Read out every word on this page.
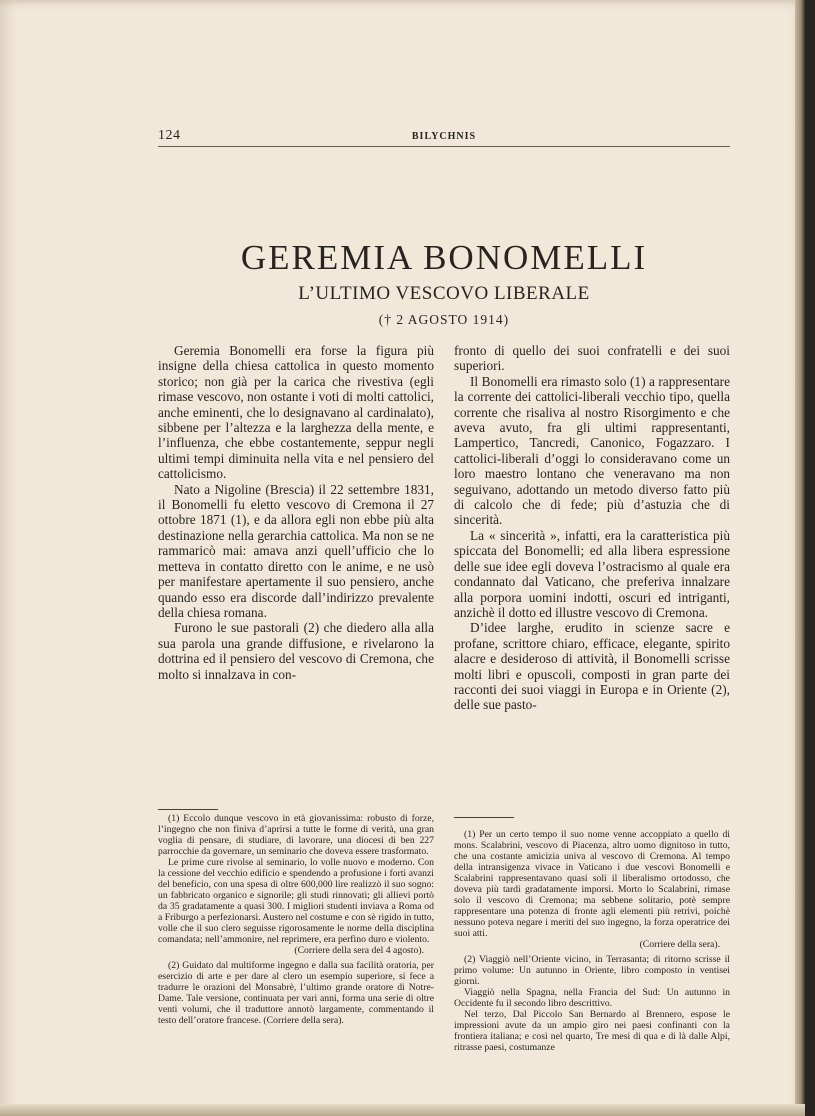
124	BILYCHNIS
GEREMIA BONOMELLI
L’ULTIMO VESCOVO LIBERALE
(† 2 AGOSTO 1914)

Geremia Bonomelli era forse la figura più insigne della chiesa cattolica in questo momento storico; non già per la carica che rivestiva (egli rimase vescovo, non ostante i voti di molti cattolici, anche eminenti, che lo designavano al cardinalato), sibbene per l’altezza e la larghezza della mente, e l’influenza, che ebbe costantemente, seppur negli ultimi tempi diminuita nella vita e nel pensiero del cattolicismo.

Nato a Nigoline (Brescia) il 22 settembre 1831, il Bonomelli fu eletto vescovo di Cremona il 27 ottobre 1871 (1), e da allora egli non ebbe più alta destinazione nella gerarchia cattolica. Ma non se ne rammaricò mai: amava anzi quell’ufficio che lo metteva in contatto diretto con le anime, e ne usò per manifestare apertamente il suo pensiero, anche quando esso era discorde dall’indirizzo prevalente della chiesa romana.

Furono le sue pastorali (2) che diedero alla alla sua parola una grande diffusione, e rivelarono la dottrina ed il pensiero del vescovo di Cremona, che molto si innalzava in con-

(1) Eccolo dunque vescovo in età giovanissima: robusto di forze, l’ingegno che non finiva d’aprirsi a tutte le forme di verità, una gran voglia di pensare, di studiare, di lavorare, una diocesi di ben 227 parrocchie da governare, un seminario che doveva essere trasformato.

Le prime cure rivolse al seminario, lo volle nuovo e moderno. Con la cessione del vecchio edificio e spendendo a profusione i forti avanzi del beneficio, con una spesa di oltre 600,000 lire realizzò il suo sogno: un fabbricato organico e signorile; gli studi rinnovati; gli allievi portò da 35 gradatamente a quasi 300. I migliori studenti inviava a Roma od a Friburgo a perfezionarsi. Austero nel costume e con sè rigido in tutto, volle che il suo clero seguisse rigorosamente le norme della disciplina comandata; nell’ammonire, nel reprimere, era perfino duro e violento.

(Corriere della sera del 4 agosto).

(2) Guidato dal multiforme ingegno e dalla sua facilità oratoria, per esercizio di arte e per dare al clero un esempio superiore, si fece a tradurre le orazioni del Monsabrè, l’ultimo grande oratore di Notre-Dame. Tale versione, continuata per vari anni, forma una serie di oltre venti volumi, che il traduttore annotò largamente, commentando il testo dell’oratore francese. (Corriere della sera).

fronto di quello dei suoi confratelli e dei suoi superiori.

Il Bonomelli era rimasto solo (1) a rappresentare la corrente dei cattolici-liberali vecchio tipo, quella corrente che risaliva al nostro Risorgimento e che aveva avuto, fra gli ultimi rappresentanti, Lampertico, Tancredi, Canonico, Fogazzaro. I cattolici-liberali d’oggi lo consideravano come un loro maestro lontano che veneravano ma non seguivano, adottando un metodo diverso fatto più di calcolo che di fede; più d’astuzia che di sincerità.

La « sincerità », infatti, era la caratteristica più spiccata del Bonomelli; ed alla libera espressione delle sue idee egli doveva l’ostracismo al quale era condannato dal Vaticano, che preferiva innalzare alla porpora uomini indotti, oscuri ed intriganti, anzichè il dotto ed illustre vescovo di Cremona.

D’idee larghe, erudito in scienze sacre e profane, scrittore chiaro, efficace, elegante, spirito alacre e desideroso di attività, il Bonomelli scrisse molti libri e opuscoli, composti in gran parte dei racconti dei suoi viaggi in Europa e in Oriente (2), delle sue pasto-

(1) Per un certo tempo il suo nome venne accoppiato a quello di mons. Scalabrini, vescovo di Piacenza, altro uomo dignitoso in tutto, che una costante amicizia univa al vescovo di Cremona. Al tempo della intransigenza vivace in Vaticano i due vescovi Bonomelli e Scalabrini rappresentavano quasi soli il liberalismo ortodosso, che doveva più tardi gradatamente imporsi. Morto lo Scalabrini, rimase solo il vescovo di Cremona; ma sebbene solitario, potè sempre rappresentare una potenza di fronte agli elementi più retrivi, poichè nessuno poteva negare i meriti del suo ingegno, la forza operatrice dei suoi atti.

(Corriere della sera).

(2) Viaggiò nell’Oriente vicino, in Terrasanta; di ritorno scrisse il primo volume: Un autunno in Oriente, libro composto in ventisei giorni.

Viaggiò nella Spagna, nella Francia del Sud: Un autunno in Occidente fu il secondo libro descrittivo.

Nel terzo, Dal Piccolo San Bernardo al Brennero, espose le impressioni avute da un ampio giro nei paesi confinanti con la frontiera italiana; e così nel quarto, Tre mesi di qua e di là dalle Alpi, ritrasse paesi, costumanze
